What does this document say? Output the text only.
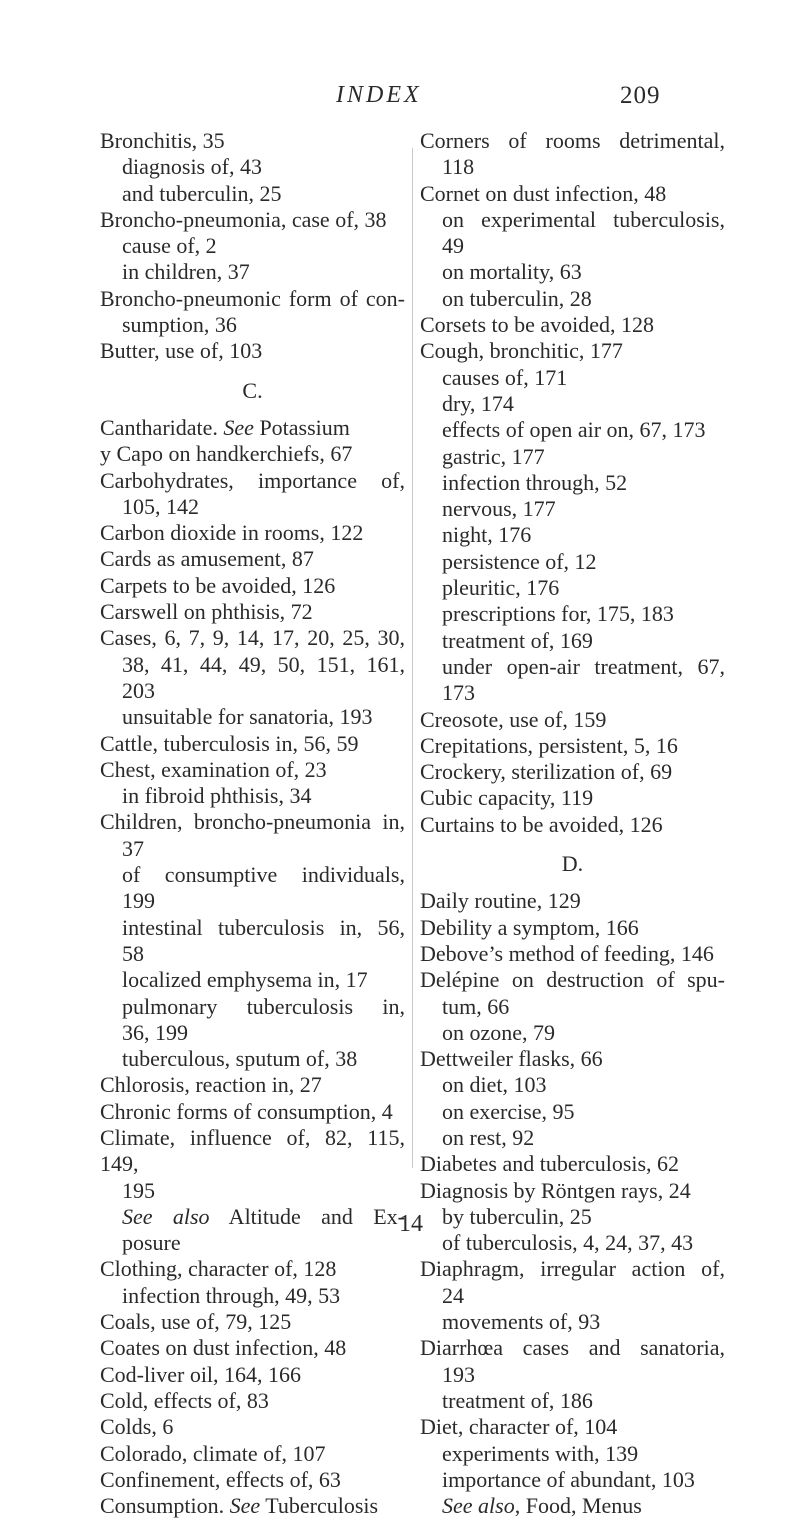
INDEX	209
Bronchitis, 35
diagnosis of, 43
and tuberculin, 25
Broncho-pneumonia, case of, 38
cause of, 2
in children, 37
Broncho-pneumonic form of con-
sumption, 36
Butter, use of, 103
C.
Cantharidate. See Potassium
y Capo on handkerchiefs, 67
Carbohydrates, importance of,
105, 142
Carbon dioxide in rooms, 122
Cards as amusement, 87
Carpets to be avoided, 126
Carswell on phthisis, 72
Cases, 6, 7, 9, 14, 17, 20, 25, 30,
38, 41, 44, 49, 50, 151, 161,
203
unsuitable for sanatoria, 193
Cattle, tuberculosis in, 56, 59
Chest, examination of, 23
in fibroid phthisis, 34
Children, broncho-pneumonia in,
37
of consumptive individuals,
199
intestinal tuberculosis in, 56,
58
localized emphysema in, 17
pulmonary tuberculosis in,
36, 199
tuberculous, sputum of, 38
Chlorosis, reaction in, 27
Chronic forms of consumption, 4
Climate, influence of, 82, 115, 149,
195
See also Altitude and Ex-
posure
Clothing, character of, 128
infection through, 49, 53
Coals, use of, 79, 125
Coates on dust infection, 48
Cod-liver oil, 164, 166
Cold, effects of, 83
Colds, 6
Colorado, climate of, 107
Confinement, effects of, 63
Consumption. See Tuberculosis
Corners of rooms detrimental,
118
Cornet on dust infection, 48
on experimental tuberculosis,
49
on mortality, 63
on tuberculin, 28
Corsets to be avoided, 128
Cough, bronchitic, 177
causes of, 171
dry, 174
effects of open air on, 67, 173
gastric, 177
infection through, 52
nervous, 177
night, 176
persistence of, 12
pleuritic, 176
prescriptions for, 175, 183
treatment of, 169
under open-air treatment, 67,
173
Creosote, use of, 159
Crepitations, persistent, 5, 16
Crockery, sterilization of, 69
Cubic capacity, 119
Curtains to be avoided, 126
D.
Daily routine, 129
Debility a symptom, 166
Debove’s method of feeding, 146
Delépine on destruction of spu-
tum, 66
on ozone, 79
Dettweiler flasks, 66
on diet, 103
on exercise, 95
on rest, 92
Diabetes and tuberculosis, 62
Diagnosis by Röntgen rays, 24
by tuberculin, 25
of tuberculosis, 4, 24, 37, 43
Diaphragm, irregular action of,
24
movements of, 93
Diarrhœa cases and sanatoria,
193
treatment of, 186
Diet, character of, 104
experiments with, 139
importance of abundant, 103
See also, Food, Menus
14
